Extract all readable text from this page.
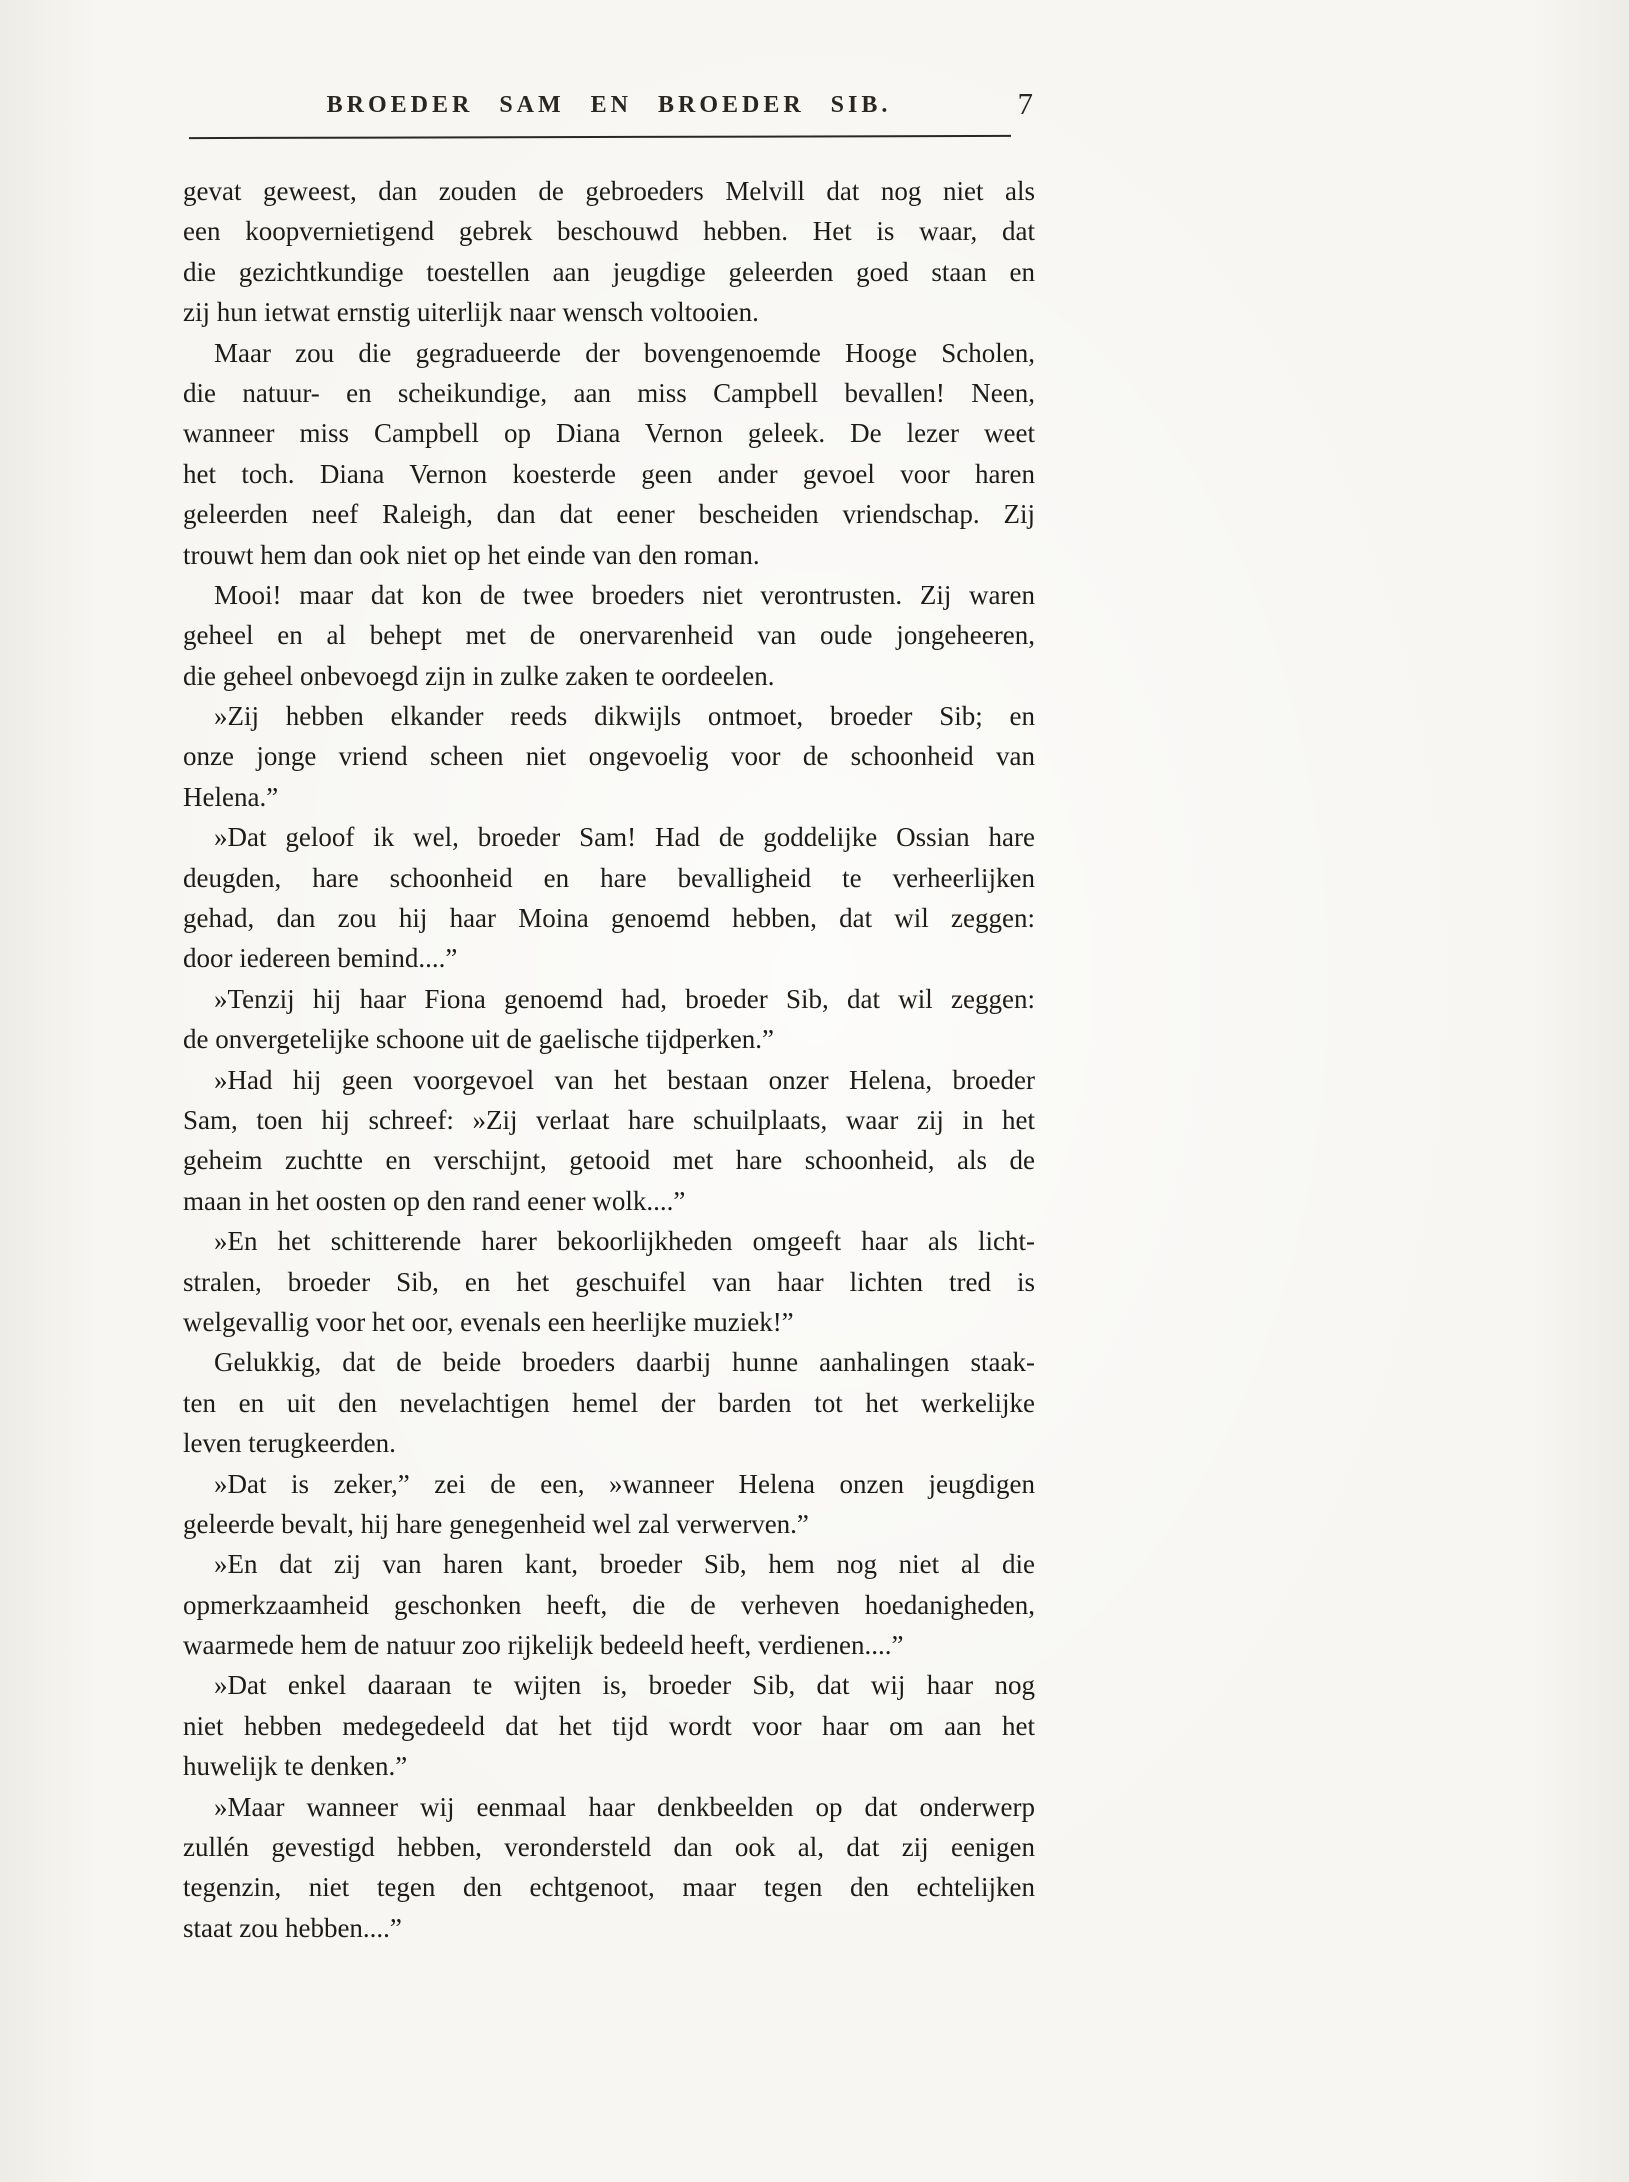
BROEDER SAM EN BROEDER SIB.	7
gevat geweest, dan zouden de gebroeders Melvill dat nog niet als
een koopvernietigend gebrek beschouwd hebben. Het is waar, dat
die gezichtkundige toestellen aan jeugdige geleerden goed staan en
zij hun ietwat ernstig uiterlijk naar wensch voltooien.
Maar zou die gegradueerde der bovengenoemde Hooge Scholen,
die natuur- en scheikundige, aan miss Campbell bevallen! Neen,
wanneer miss Campbell op Diana Vernon geleek. De lezer weet
het toch. Diana Vernon koesterde geen ander gevoel voor haren
geleerden neef Raleigh, dan dat eener bescheiden vriendschap. Zij
trouwt hem dan ook niet op het einde van den roman.
Mooi! maar dat kon de twee broeders niet verontrusten. Zij waren
geheel en al behept met de onervarenheid van oude jongeheeren,
die geheel onbevoegd zijn in zulke zaken te oordeelen.
»Zij hebben elkander reeds dikwijls ontmoet, broeder Sib; en
onze jonge vriend scheen niet ongevoelig voor de schoonheid van
Helena.”
»Dat geloof ik wel, broeder Sam! Had de goddelijke Ossian hare
deugden, hare schoonheid en hare bevalligheid te verheerlijken
gehad, dan zou hij haar Moina genoemd hebben, dat wil zeggen:
door iedereen bemind....”
»Tenzij hij haar Fiona genoemd had, broeder Sib, dat wil zeggen:
de onvergetelijke schoone uit de gaelische tijdperken.”
»Had hij geen voorgevoel van het bestaan onzer Helena, broeder
Sam, toen hij schreef: »Zij verlaat hare schuilplaats, waar zij in het
geheim zuchtte en verschijnt, getooid met hare schoonheid, als de
maan in het oosten op den rand eener wolk....”
»En het schitterende harer bekoorlijkheden omgeeft haar als licht-
stralen, broeder Sib, en het geschuifel van haar lichten tred is
welgevallig voor het oor, evenals een heerlijke muziek!”
Gelukkig, dat de beide broeders daarbij hunne aanhalingen staak-
ten en uit den nevelachtigen hemel der barden tot het werkelijke
leven terugkeerden.
»Dat is zeker,” zei de een, »wanneer Helena onzen jeugdigen
geleerde bevalt, hij hare genegenheid wel zal verwerven.”
»En dat zij van haren kant, broeder Sib, hem nog niet al die
opmerkzaamheid geschonken heeft, die de verheven hoedanigheden,
waarmede hem de natuur zoo rijkelijk bedeeld heeft, verdienen....”
»Dat enkel daaraan te wijten is, broeder Sib, dat wij haar nog
niet hebben medegedeeld dat het tijd wordt voor haar om aan het
huwelijk te denken.”
»Maar wanneer wij eenmaal haar denkbeelden op dat onderwerp
zullén gevestigd hebben, verondersteld dan ook al, dat zij eenigen
tegenzin, niet tegen den echtgenoot, maar tegen den echtelijken
staat zou hebben....”
